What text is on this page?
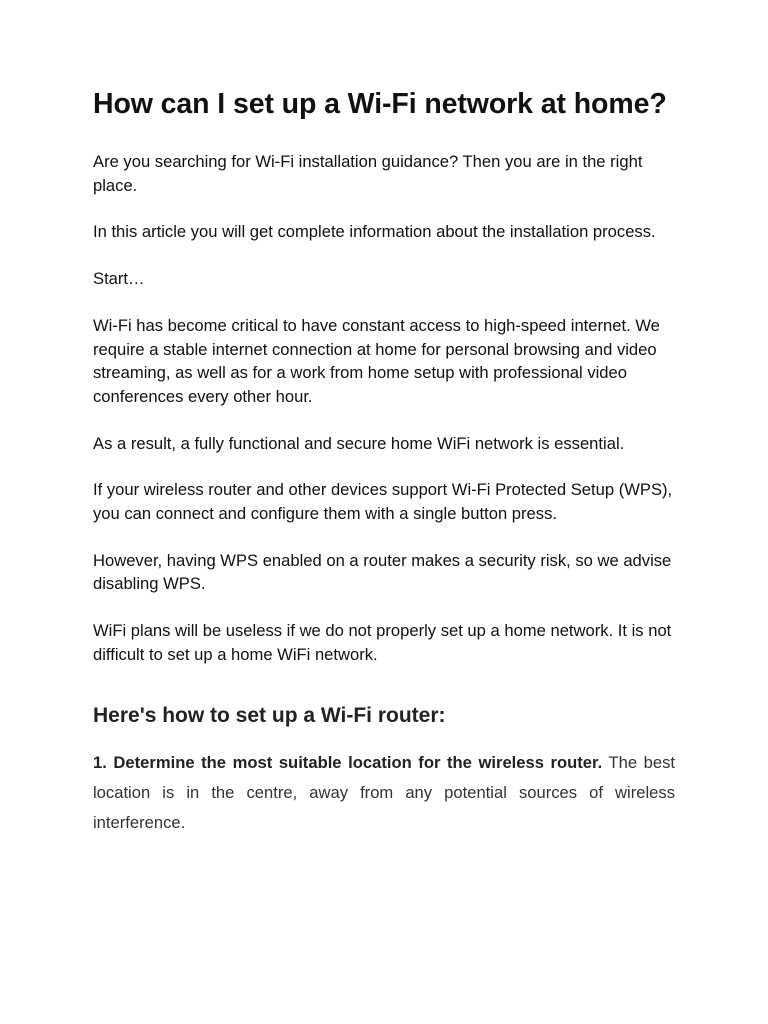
How can I set up a Wi-Fi network at home?

Are you searching for Wi-Fi installation guidance? Then you are in the right place.

In this article you will get complete information about the installation process.

Start…

Wi-Fi has become critical to have constant access to high-speed internet. We require a stable internet connection at home for personal browsing and video streaming, as well as for a work from home setup with professional video conferences every other hour.

As a result, a fully functional and secure home WiFi network is essential.

If your wireless router and other devices support Wi-Fi Protected Setup (WPS), you can connect and configure them with a single button press.

However, having WPS enabled on a router makes a security risk, so we advise disabling WPS.

WiFi plans will be useless if we do not properly set up a home network. It is not difficult to set up a home WiFi network.

Here's how to set up a Wi-Fi router:

1. Determine the most suitable location for the wireless router. The best location is in the centre, away from any potential sources of wireless interference.
